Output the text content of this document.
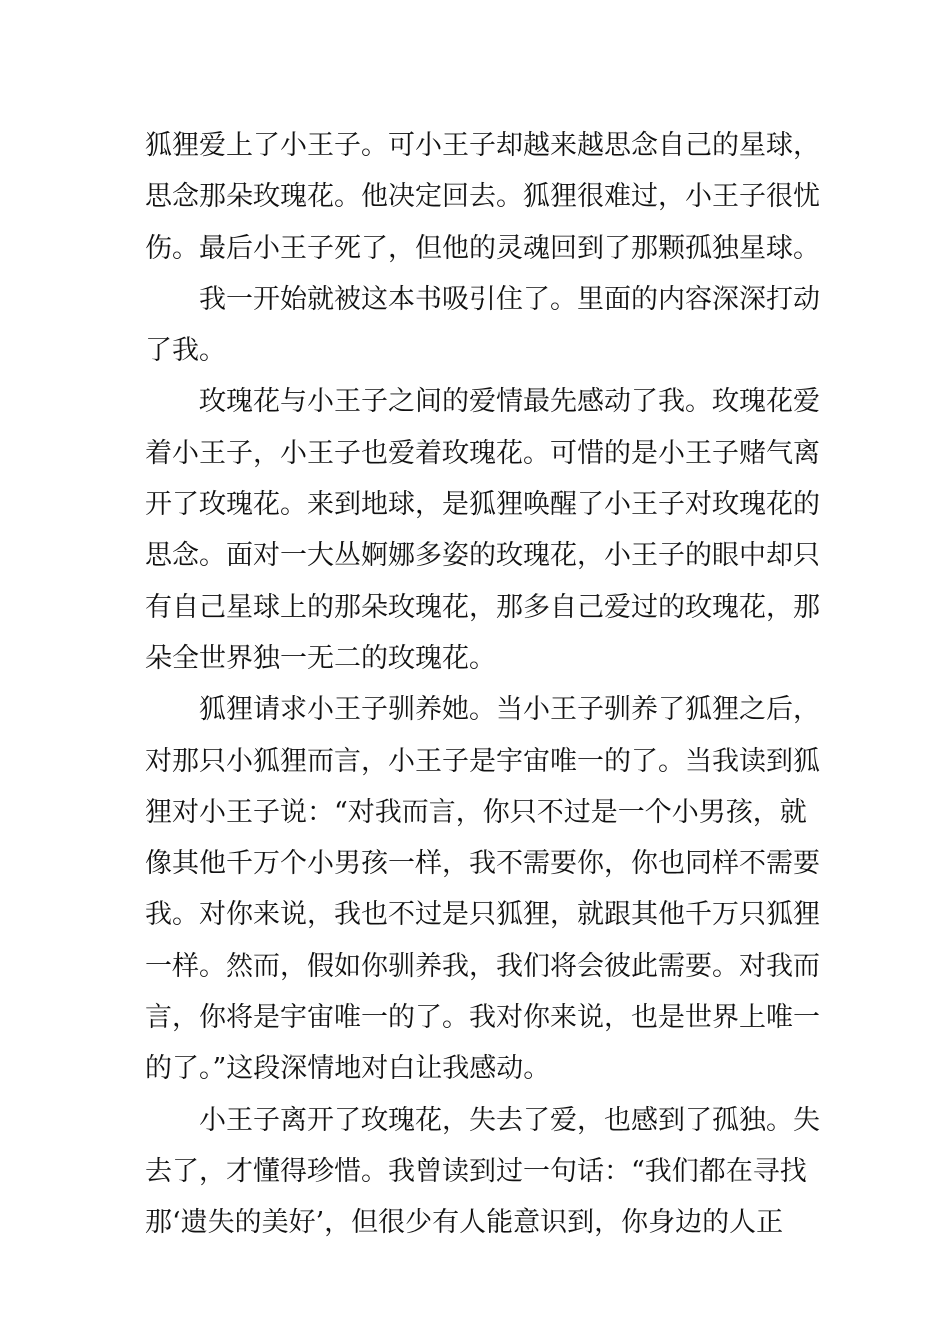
狐狸爱上了小王子。可小王子却越来越思念自己的星球，
思念那朵玫瑰花。他决定回去。狐狸很难过，小王子很忧
伤。最后小王子死了，但他的灵魂回到了那颗孤独星球。
我一开始就被这本书吸引住了。里面的内容深深打动
了我。
玫瑰花与小王子之间的爱情最先感动了我。玫瑰花爱
着小王子，小王子也爱着玫瑰花。可惜的是小王子赌气离
开了玫瑰花。来到地球，是狐狸唤醒了小王子对玫瑰花的
思念。面对一大丛婀娜多姿的玫瑰花，小王子的眼中却只
有自己星球上的那朵玫瑰花，那多自己爱过的玫瑰花，那
朵全世界独一无二的玫瑰花。
狐狸请求小王子驯养她。当小王子驯养了狐狸之后，
对那只小狐狸而言，小王子是宇宙唯一的了。当我读到狐
狸对小王子说：“对我而言，你只不过是一个小男孩，就
像其他千万个小男孩一样，我不需要你，你也同样不需要
我。对你来说，我也不过是只狐狸，就跟其他千万只狐狸
一样。然而，假如你驯养我，我们将会彼此需要。对我而
言，你将是宇宙唯一的了。我对你来说，也是世界上唯一
的了。”这段深情地对白让我感动。
小王子离开了玫瑰花，失去了爱，也感到了孤独。失
去了，才懂得珍惜。我曾读到过一句话：“我们都在寻找
那‘遗失的美好’，但很少有人能意识到，你身边的人正
